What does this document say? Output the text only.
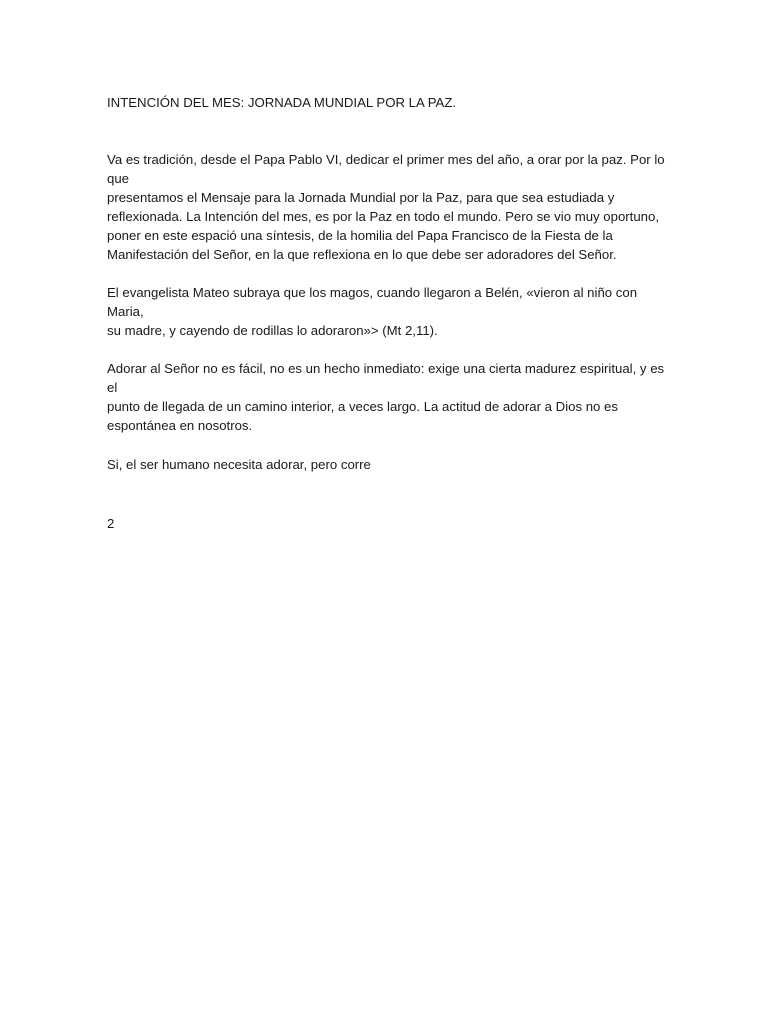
INTENCIÓN DEL MES: JORNADA MUNDIAL POR LA PAZ.

Va es tradición, desde el Papa Pablo VI, dedicar el primer mes del año, a orar por la paz. Por lo que
presentamos el Mensaje para la Jornada Mundial por la Paz, para que sea estudiada y
reflexionada. La Intención del mes, es por la Paz en todo el mundo. Pero se vio muy oportuno,
poner en este espació una síntesis, de la homilia del Papa Francisco de la Fiesta de la
Manifestación del Señor, en la que reflexiona en lo que debe ser adoradores del Señor.

El evangelista Mateo subraya que los magos, cuando llegaron a Belén, «vieron al niño con Maria,
su madre, y cayendo de rodillas lo adoraron»> (Mt 2,11).

Adorar al Señor no es fácil, no es un hecho inmediato: exige una cierta madurez espiritual, y es el
punto de llegada de un camino interior, a veces largo. La actitud de adorar a Dios no es
espontánea en nosotros.

Si, el ser humano necesita adorar, pero corre

2
